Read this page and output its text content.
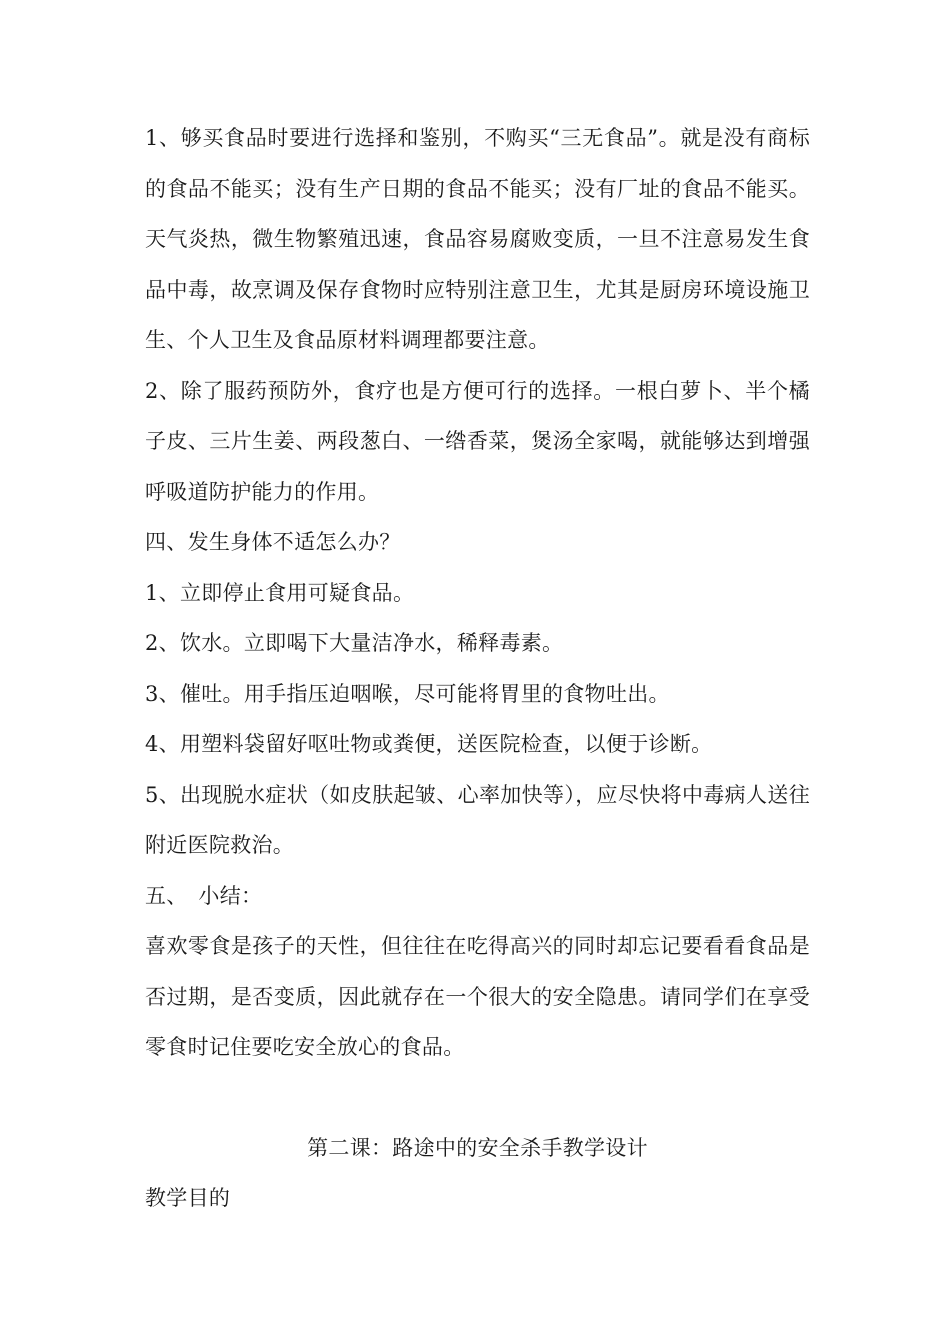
1、够买食品时要进行选择和鉴别，不购买“三无食品”。就是没有商标的食品不能买；没有生产日期的食品不能买；没有厂址的食品不能买。天气炎热，微生物繁殖迅速，食品容易腐败变质，一旦不注意易发生食品中毒，故烹调及保存食物时应特别注意卫生，尤其是厨房环境设施卫生、个人卫生及食品原材料调理都要注意。

2、除了服药预防外，食疗也是方便可行的选择。一根白萝卜、半个橘子皮、三片生姜、两段葱白、一绺香菜，煲汤全家喝，就能够达到增强呼吸道防护能力的作用。

四、发生身体不适怎么办？

1、立即停止食用可疑食品。

2、饮水。立即喝下大量洁净水，稀释毒素。

3、催吐。用手指压迫咽喉，尽可能将胃里的食物吐出。

4、用塑料袋留好呕吐物或粪便，送医院检查，以便于诊断。

5、出现脱水症状（如皮肤起皱、心率加快等），应尽快将中毒病人送往附近医院救治。

五、　小结：

喜欢零食是孩子的天性，但往往在吃得高兴的同时却忘记要看看食品是否过期，是否变质，因此就存在一个很大的安全隐患。请同学们在享受零食时记住要吃安全放心的食品。

第二课：路途中的安全杀手教学设计

教学目的
